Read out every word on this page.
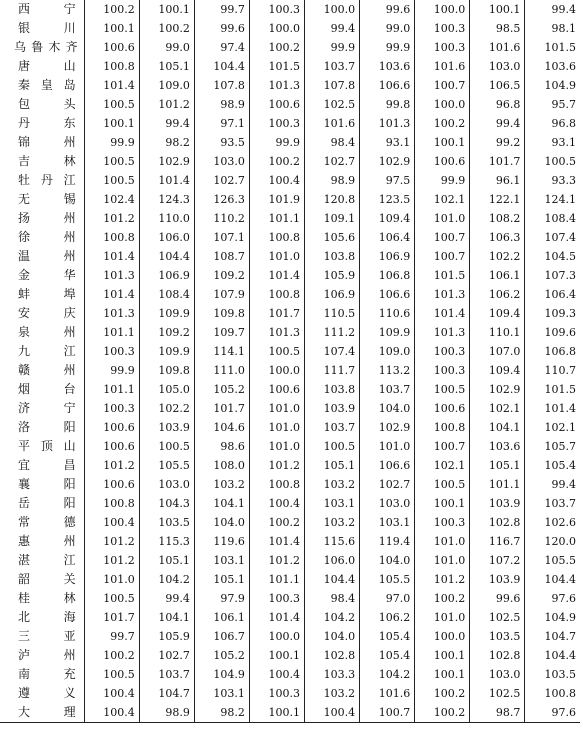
西宁	100.2	100.1	99.7	100.3	100.0	99.6	100.0	100.1	99.4
银川	100.1	100.2	99.6	100.0	99.4	99.0	100.3	98.5	98.1
乌鲁木齐	100.6	99.0	97.4	100.2	99.9	99.9	100.3	101.6	101.5
唐山	100.8	105.1	104.4	101.5	103.7	103.6	101.6	103.0	103.6
秦皇岛	101.4	109.0	107.8	101.3	107.8	106.6	100.7	106.5	104.9
包头	100.5	101.2	98.9	100.6	102.5	99.8	100.0	96.8	95.7
丹东	100.1	99.4	97.1	100.3	101.6	101.3	100.2	99.4	96.8
锦州	99.9	98.2	93.5	99.9	98.4	93.1	100.1	99.2	93.1
吉林	100.5	102.9	103.0	100.2	102.7	102.9	100.6	101.7	100.5
牡丹江	100.5	101.4	102.7	100.4	98.9	97.5	99.9	96.1	93.3
无锡	102.4	124.3	126.3	101.9	120.8	123.5	102.1	122.1	124.1
扬州	101.2	110.0	110.2	101.1	109.1	109.4	101.0	108.2	108.4
徐州	100.8	106.0	107.1	100.8	105.6	106.4	100.7	106.3	107.4
温州	101.4	104.4	108.7	101.0	103.8	106.9	100.7	102.2	104.5
金华	101.3	106.9	109.2	101.4	105.9	106.8	101.5	106.1	107.3
蚌埠	101.4	108.4	107.9	100.8	106.9	106.6	101.3	106.2	106.4
安庆	101.3	109.9	109.8	101.7	110.5	110.6	101.4	109.4	109.3
泉州	101.1	109.2	109.7	101.3	111.2	109.9	101.3	110.1	109.6
九江	100.3	109.9	114.1	100.5	107.4	109.0	100.3	107.0	106.8
赣州	99.9	109.8	111.0	100.0	111.7	113.2	100.3	109.4	110.7
烟台	101.1	105.0	105.2	100.6	103.8	103.7	100.5	102.9	101.5
济宁	100.3	102.2	101.7	101.0	103.9	104.0	100.6	102.1	101.4
洛阳	100.6	103.9	104.6	101.0	103.7	102.9	100.8	104.1	102.1
平顶山	100.6	100.5	98.6	101.0	100.5	101.0	100.7	103.6	105.7
宜昌	101.2	105.5	108.0	101.2	105.1	106.6	102.1	105.1	105.4
襄阳	100.6	103.0	103.2	100.8	103.2	102.7	100.5	101.1	99.4
岳阳	100.8	104.3	104.1	100.4	103.1	103.0	100.1	103.9	103.7
常德	100.4	103.5	104.0	100.2	103.2	103.1	100.3	102.8	102.6
惠州	101.2	115.3	119.6	101.4	115.6	119.4	101.0	116.7	120.0
湛江	101.2	105.1	103.1	101.2	106.0	104.0	101.0	107.2	105.5
韶关	101.0	104.2	105.1	101.1	104.4	105.5	101.2	103.9	104.4
桂林	100.5	99.4	97.9	100.3	98.4	97.0	100.2	99.6	97.6
北海	101.7	104.1	106.1	101.4	104.2	106.2	101.0	102.5	104.9
三亚	99.7	105.9	106.7	100.0	104.0	105.4	100.0	103.5	104.7
泸州	100.2	102.7	105.2	100.1	102.8	105.4	100.1	102.8	104.4
南充	100.5	103.7	104.9	100.4	103.3	104.2	100.1	103.0	103.5
遵义	100.4	104.7	103.1	100.3	103.2	101.6	100.2	102.5	100.8
大理	100.4	98.9	98.2	100.1	100.4	100.7	100.2	98.7	97.6
